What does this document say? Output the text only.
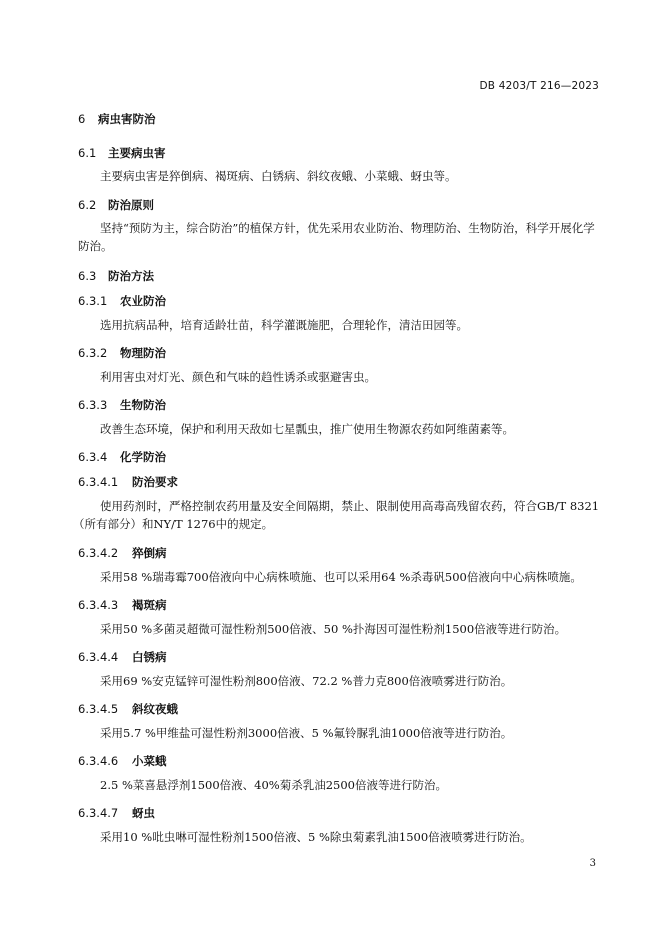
DB 4203/T 216—2023
6 病虫害防治
6.1 主要病虫害
主要病虫害是猝倒病、褐斑病、白锈病、斜纹夜蛾、小菜蛾、蚜虫等。
6.2 防治原则
坚持“预防为主，综合防治”的植保方针，优先采用农业防治、物理防治、生物防治，科学开展化学
防治。
6.3 防治方法
6.3.1 农业防治
选用抗病品种，培育适龄壮苗，科学灌溉施肥，合理轮作，清洁田园等。
6.3.2 物理防治
利用害虫对灯光、颜色和气味的趋性诱杀或驱避害虫。
6.3.3 生物防治
改善生态环境，保护和利用天敌如七星瓢虫，推广使用生物源农药如阿维菌素等。
6.3.4 化学防治
6.3.4.1 防治要求
使用药剂时，严格控制农药用量及安全间隔期，禁止、限制使用高毒高残留农药，符合GB/T 8321
（所有部分）和NY/T 1276中的规定。
6.3.4.2 猝倒病
采用58 %瑞毒霉700倍液向中心病株喷施、也可以采用64 %杀毒矾500倍液向中心病株喷施。
6.3.4.3 褐斑病
采用50 %多菌灵超微可湿性粉剂500倍液、50 %扑海因可湿性粉剂1500倍液等进行防治。
6.3.4.4 白锈病
采用69 %安克锰锌可湿性粉剂800倍液、72.2 %普力克800倍液喷雾进行防治。
6.3.4.5 斜纹夜蛾
采用5.7 %甲维盐可湿性粉剂3000倍液、5 %氟铃脲乳油1000倍液等进行防治。
6.3.4.6 小菜蛾
2.5 %菜喜悬浮剂1500倍液、40%菊杀乳油2500倍液等进行防治。
6.3.4.7 蚜虫
采用10 %吡虫啉可湿性粉剂1500倍液、5 %除虫菊素乳油1500倍液喷雾进行防治。
3
